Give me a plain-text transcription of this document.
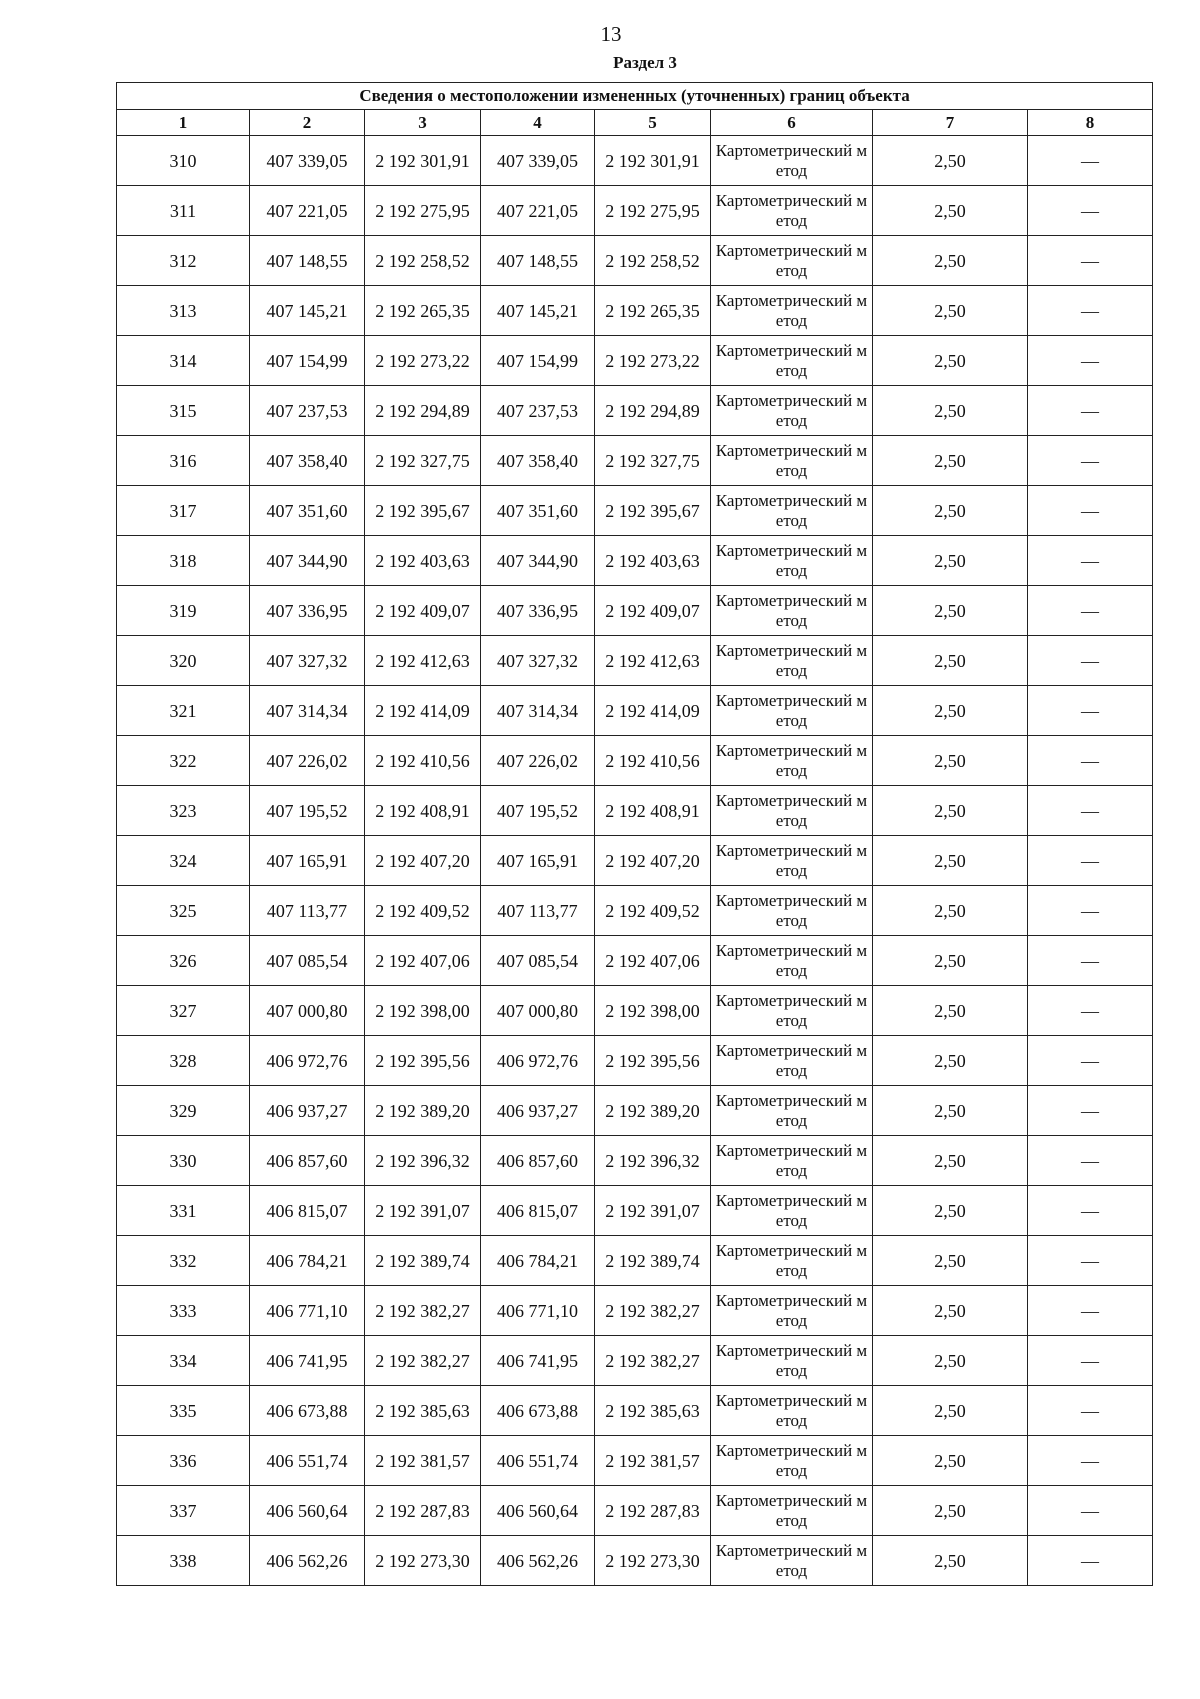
13
Раздел 3
Сведения о местоположении измененных (уточненных) границ объекта							
1	2	3	4	5	6	7	8
310	407 339,05	2 192 301,91	407 339,05	2 192 301,91	Картометрический метод	2,50	—
311	407 221,05	2 192 275,95	407 221,05	2 192 275,95	Картометрический метод	2,50	—
312	407 148,55	2 192 258,52	407 148,55	2 192 258,52	Картометрический метод	2,50	—
313	407 145,21	2 192 265,35	407 145,21	2 192 265,35	Картометрический метод	2,50	—
314	407 154,99	2 192 273,22	407 154,99	2 192 273,22	Картометрический метод	2,50	—
315	407 237,53	2 192 294,89	407 237,53	2 192 294,89	Картометрический метод	2,50	—
316	407 358,40	2 192 327,75	407 358,40	2 192 327,75	Картометрический метод	2,50	—
317	407 351,60	2 192 395,67	407 351,60	2 192 395,67	Картометрический метод	2,50	—
318	407 344,90	2 192 403,63	407 344,90	2 192 403,63	Картометрический метод	2,50	—
319	407 336,95	2 192 409,07	407 336,95	2 192 409,07	Картометрический метод	2,50	—
320	407 327,32	2 192 412,63	407 327,32	2 192 412,63	Картометрический метод	2,50	—
321	407 314,34	2 192 414,09	407 314,34	2 192 414,09	Картометрический метод	2,50	—
322	407 226,02	2 192 410,56	407 226,02	2 192 410,56	Картометрический метод	2,50	—
323	407 195,52	2 192 408,91	407 195,52	2 192 408,91	Картометрический метод	2,50	—
324	407 165,91	2 192 407,20	407 165,91	2 192 407,20	Картометрический метод	2,50	—
325	407 113,77	2 192 409,52	407 113,77	2 192 409,52	Картометрический метод	2,50	—
326	407 085,54	2 192 407,06	407 085,54	2 192 407,06	Картометрический метод	2,50	—
327	407 000,80	2 192 398,00	407 000,80	2 192 398,00	Картометрический метод	2,50	—
328	406 972,76	2 192 395,56	406 972,76	2 192 395,56	Картометрический метод	2,50	—
329	406 937,27	2 192 389,20	406 937,27	2 192 389,20	Картометрический метод	2,50	—
330	406 857,60	2 192 396,32	406 857,60	2 192 396,32	Картометрический метод	2,50	—
331	406 815,07	2 192 391,07	406 815,07	2 192 391,07	Картометрический метод	2,50	—
332	406 784,21	2 192 389,74	406 784,21	2 192 389,74	Картометрический метод	2,50	—
333	406 771,10	2 192 382,27	406 771,10	2 192 382,27	Картометрический метод	2,50	—
334	406 741,95	2 192 382,27	406 741,95	2 192 382,27	Картометрический метод	2,50	—
335	406 673,88	2 192 385,63	406 673,88	2 192 385,63	Картометрический метод	2,50	—
336	406 551,74	2 192 381,57	406 551,74	2 192 381,57	Картометрический метод	2,50	—
337	406 560,64	2 192 287,83	406 560,64	2 192 287,83	Картометрический метод	2,50	—
338	406 562,26	2 192 273,30	406 562,26	2 192 273,30	Картометрический метод	2,50	—
